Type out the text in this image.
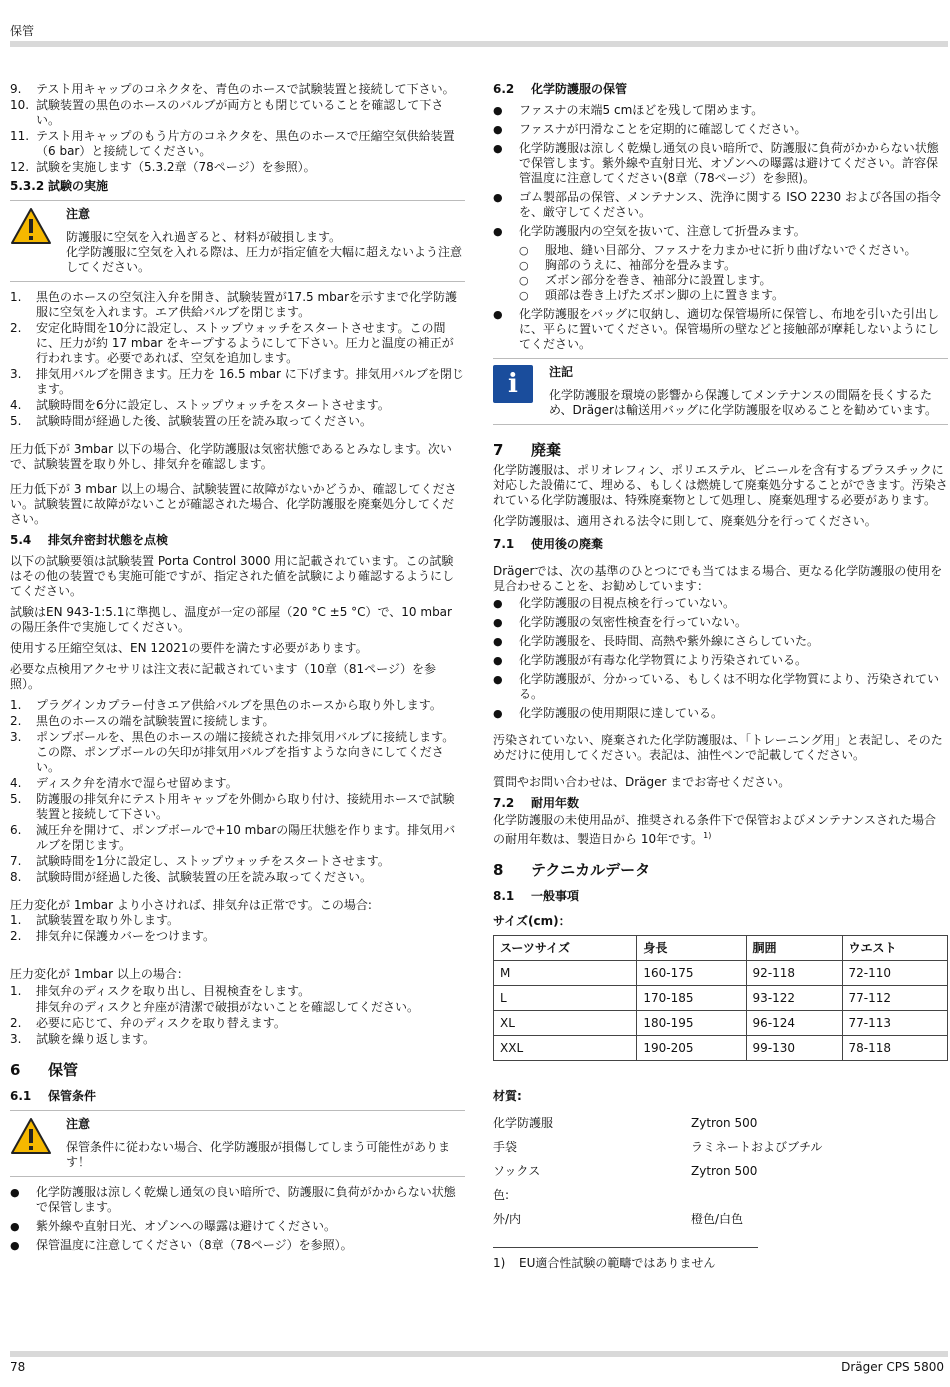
保管
9.	テスト用キャップのコネクタを、青色のホースで試験装置と接続して下さい。
10. 試験装置の黒色のホースのバルブが両方とも閉じていることを確認して下さい。
11. テスト用キャップのもう片方のコネクタを、黒色のホースで圧縮空気供給装置（6 bar）と接続してください。
12. 試験を実施します（5.3.2章（78ページ）を参照）。
5.3.2 試験の実施
注意
防護服に空気を入れ過ぎると、材料が破損します。
化学防護服に空気を入れる際は、圧力が指定値を大幅に超えないよう注意してください。
1.	黒色のホースの空気注入弁を開き、試験装置が17.5 mbarを示すまで化学防護服に空気を入れます。エア供給バルブを閉じます。
2.	安定化時間を10分に設定し、ストップウォッチをスタートさせます。この間に、圧力が約 17 mbar をキープするようにして下さい。圧力と温度の補正が行われます。必要であれば、空気を追加します。
3.	排気用バルブを開きます。圧力を 16.5 mbar に下げます。排気用バルブを閉じます。
4.	試験時間を6分に設定し、ストップウォッチをスタートさせます。
5.	試験時間が経過した後、試験装置の圧を読み取ってください。
圧力低下が 3mbar 以下の場合、化学防護服は気密状態であるとみなします。次いで、試験装置を取り外し、排気弁を確認します。
圧力低下が 3 mbar 以上の場合、試験装置に故障がないかどうか、確認してください。試験装置に故障がないことが確認された場合、化学防護服を廃棄処分してください。
5.4	排気弁密封状態を点検
以下の試験要領は試験装置 Porta Control 3000 用に記載されています。この試験はその他の装置でも実施可能ですが、指定された値を試験により確認するようにしてください。
試験はEN 943-1:5.1に準拠し、温度が一定の部屋（20 °C ±5 °C）で、10 mbar の陽圧条件で実施してください。
使用する圧縮空気は、EN 12021の要件を満たす必要があります。
必要な点検用アクセサリは注文表に記載されています（10章（81ページ）を参照）。
1.	プラグインカプラー付きエア供給バルブを黒色のホースから取り外します。
2.	黒色のホースの端を試験装置に接続します。
3.	ポンプボールを、黒色のホースの端に接続された排気用バルブに接続します。この際、ポンプボールの矢印が排気用バルブを指すような向きにしてください。
4.	ディスク弁を清水で湿らせ留めます。
5.	防護服の排気弁にテスト用キャップを外側から取り付け、接続用ホースで試験装置と接続して下さい。
6.	減圧弁を開けて、ポンプボールで+10 mbarの陽圧状態を作ります。排気用バルブを閉じます。
7.	試験時間を1分に設定し、ストップウォッチをスタートさせます。
8.	試験時間が経過した後、試験装置の圧を読み取ってください。
圧力変化が 1mbar より小さければ、排気弁は正常です。この場合:
1.	試験装置を取り外します。
2.	排気弁に保護カバーをつけます。
圧力変化が 1mbar 以上の場合：
1.	排気弁のディスクを取り出し、目視検査をします。
排気弁のディスクと弁座が清潔で破損がないことを確認してください。
2.	必要に応じて、弁のディスクを取り替えます。
3.	試験を繰り返します。
6	保管
6.1	保管条件
注意
保管条件に従わない場合、化学防護服が損傷してしまう可能性があります！
●	化学防護服は涼しく乾燥し通気の良い暗所で、防護服に負荷がかからない状態で保管します。
●	紫外線や直射日光、オゾンへの曝露は避けてください。
●	保管温度に注意してください（8章（78ページ）を参照）。
6.2	化学防護服の保管
●	ファスナの末端5 cmほどを残して閉めます。
●	ファスナが円滑なことを定期的に確認してください。
●	化学防護服は涼しく乾燥し通気の良い暗所で、防護服に負荷がかからない状態で保管します。紫外線や直射日光、オゾンへの曝露は避けてください。許容保管温度に注意してください(8章（78ページ）を参照)。
●	ゴム製部品の保管、メンテナンス、洗浄に関する ISO 2230 および各国の指令を、厳守してください。
●	化学防護服内の空気を抜いて、注意して折畳みます。
○	服地、縫い目部分、ファスナを力まかせに折り曲げないでください。
○	胸部のうえに、袖部分を畳みます。
○	ズボン部分を巻き、袖部分に設置します。
○	頭部は巻き上げたズボン脚の上に置きます。
●	化学防護服をバッグに収納し、適切な保管場所に保管し、布地を引いた引出しに、平らに置いてください。保管場所の壁などと接触部が摩耗しないようにしてください。
i	注記
化学防護服を環境の影響から保護してメンテナンスの間隔を長くするため、Drägerは輸送用バッグに化学防護服を収めることを勧めています。
7	廃棄
化学防護服は、ポリオレフィン、ポリエステル、ビニールを含有するプラスチックに対応した設備にて、埋める、もしくは燃焼して廃棄処分することができます。汚染されている化学防護服は、特殊廃棄物として処理し、廃棄処理する必要があります。
化学防護服は、適用される法令に則して、廃棄処分を行ってください。
7.1	使用後の廃棄
Drägerでは、次の基準のひとつにでも当てはまる場合、更なる化学防護服の使用を見合わせることを、お勧めしています：
●	化学防護服の目視点検を行っていない。
●	化学防護服の気密性検査を行っていない。
●	化学防護服を、長時間、高熱や紫外線にさらしていた。
●	化学防護服が有毒な化学物質により汚染されている。
●	化学防護服が、分かっている、もしくは不明な化学物質により、汚染されている。
●	化学防護服の使用期限に達している。
汚染されていない、廃棄された化学防護服は、「トレーニング用」と表記し、そのためだけに使用してください。表記は、油性ペンで記載してください。
質問やお問い合わせは、Dräger までお寄せください。
7.2	耐用年数
化学防護服の未使用品が、推奨される条件下で保管およびメンテナンスされた場合の耐用年数は、製造日から 10年です。$^{1)}$
8	テクニカルデータ
8.1	一般事項
サイズ(cm)：
スーツサイズ	身長	胴囲	ウエスト
M	160-175	92-118	72-110
L	170-185	93-122	77-112
XL	180-195	96-124	77-113
XXL	190-205	99-130	78-118
材質:
化学防護服	Zytron 500
手袋	ラミネートおよびブチル
ソックス	Zytron 500
色:
外/内	橙色/白色
1)	EU適合性試験の範疇ではありません
78	Dräger CPS 5800
